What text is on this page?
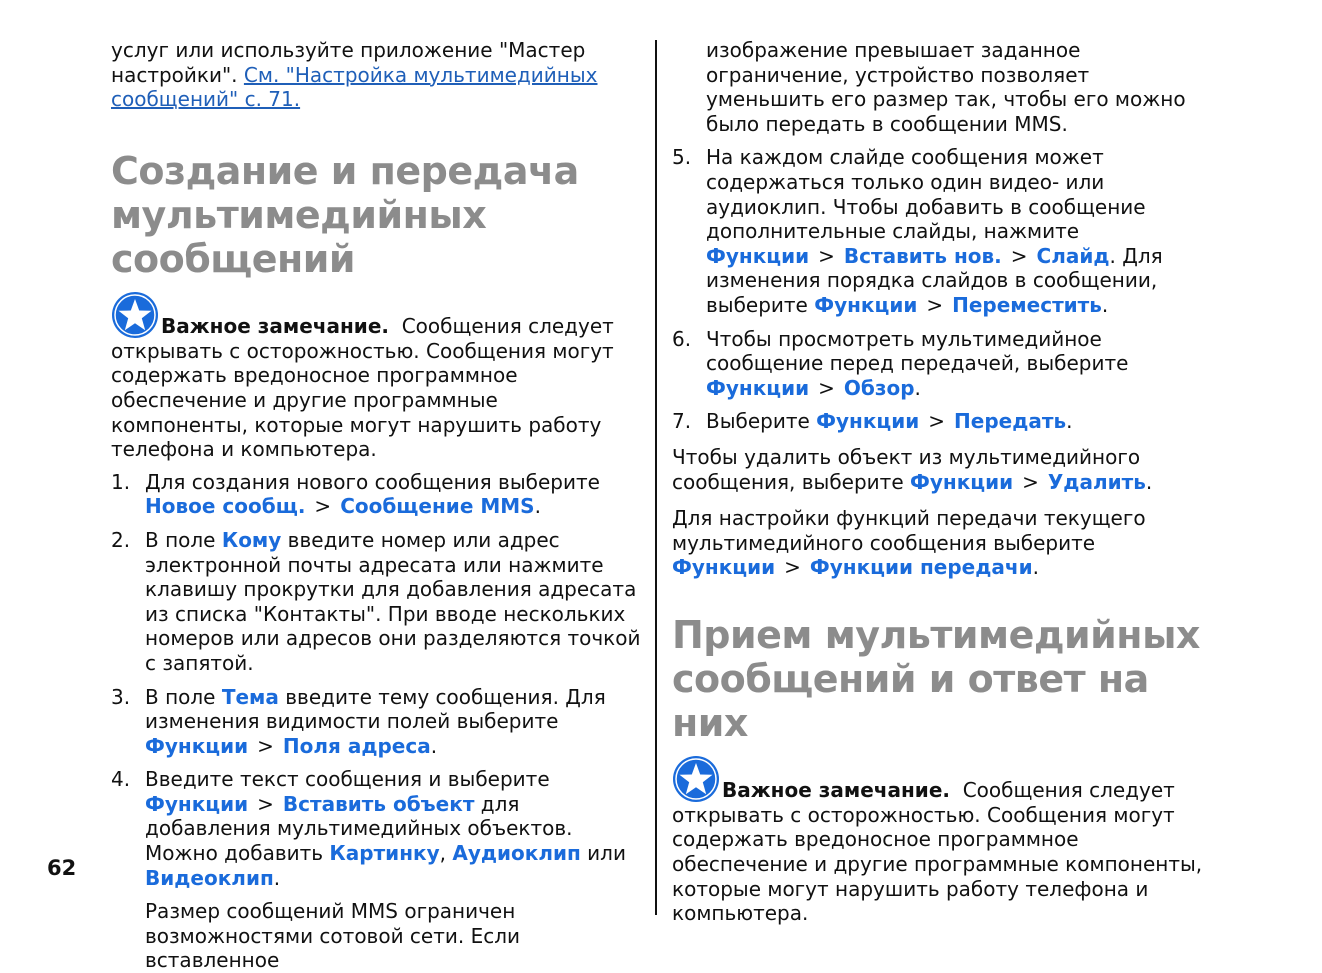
услуг или используйте приложение "Мастер настройки". См. "Настройка мультимедийных сообщений" с. 71.

Создание и передача мультимедийных сообщений

Важное замечание. Сообщения следует открывать с осторожностью. Сообщения могут содержать вредоносное программное обеспечение и другие программные компоненты, которые могут нарушить работу телефона и компьютера.

1. Для создания нового сообщения выберите Новое сообщ. > Сообщение MMS.
2. В поле Кому введите номер или адрес электронной почты адресата или нажмите клавишу прокрутки для добавления адресата из списка "Контакты". При вводе нескольких номеров или адресов они разделяются точкой с запятой.
3. В поле Тема введите тему сообщения. Для изменения видимости полей выберите Функции > Поля адреса.
4. Введите текст сообщения и выберите Функции > Вставить объект для добавления мультимедийных объектов. Можно добавить Картинку, Аудиоклип или Видеоклип.

Размер сообщений MMS ограничен возможностями сотовой сети. Если вставленное

62

изображение превышает заданное ограничение, устройство позволяет уменьшить его размер так, чтобы его можно было передать в сообщении MMS.

5. На каждом слайде сообщения может содержаться только один видео- или аудиоклип. Чтобы добавить в сообщение дополнительные слайды, нажмите Функции > Вставить нов. > Слайд. Для изменения порядка слайдов в сообщении, выберите Функции > Переместить.
6. Чтобы просмотреть мультимедийное сообщение перед передачей, выберите Функции > Обзор.
7. Выберите Функции > Передать.

Чтобы удалить объект из мультимедийного сообщения, выберите Функции > Удалить.

Для настройки функций передачи текущего мультимедийного сообщения выберите Функции > Функции передачи.

Прием мультимедийных сообщений и ответ на них

Важное замечание. Сообщения следует открывать с осторожностью. Сообщения могут содержать вредоносное программное обеспечение и другие программные компоненты, которые могут нарушить работу телефона и компьютера.
